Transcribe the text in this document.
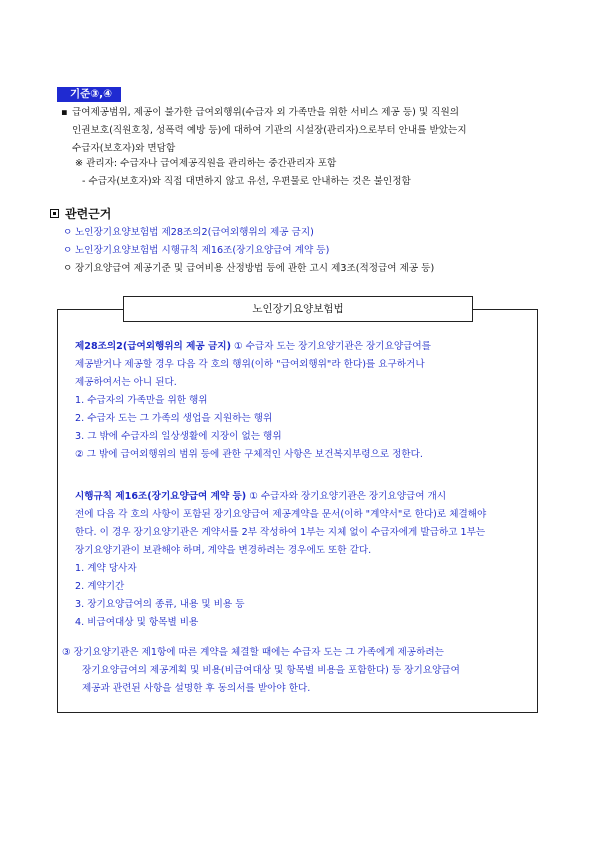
기준③,④
▪ 급여제공범위, 제공이 불가한 급여외행위(수급자 외 가족만을 위한 서비스 제공 등) 및 직원의
인권보호(직원호칭, 성폭력 예방 등)에 대하여 기관의 시설장(관리자)으로부터 안내를 받았는지
수급자(보호자)와 면담함
※ 관리자: 수급자나 급여제공직원을 관리하는 중간관리자 포함
- 수급자(보호자)와 직접 대면하지 않고 유선, 우편물로 안내하는 것은 불인정함
관련근거
ㅇ 노인장기요양보험법 제28조의2(급여외행위의 제공 금지)
ㅇ 노인장기요양보험법 시행규칙 제16조(장기요양급여 계약 등)
ㅇ 장기요양급여 제공기준 및 급여비용 산정방법 등에 관한 고시 제3조(적정급여 제공 등)
노인장기요양보험법
제28조의2(급여외행위의 제공 금지) ① 수급자 도는 장기요양기관은 장기요양급여를
제공받거나 제공할 경우 다음 각 호의 행위(이하 "급여외행위"라 한다)를 요구하거나
제공하여서는 아니 된다.
1. 수급자의 가족만을 위한 행위
2. 수급자 도는 그 가족의 생업을 지원하는 행위
3. 그 밖에 수급자의 일상생활에 지장이 없는 행위
② 그 밖에 급여외행위의 범위 등에 관한 구체적인 사항은 보건복지부령으로 정한다.
시행규칙 제16조(장기요양급여 계약 등) ① 수급자와 장기요양기관은 장기요양급여 개시
전에 다음 각 호의 사항이 포함된 장기요양급여 제공계약을 문서(이하 "계약서"로 한다)로 체결해야
한다. 이 경우 장기요양기관은 계약서를 2부 작성하여 1부는 지체 없이 수급자에게 발급하고 1부는
장기요양기관이 보관해야 하며, 계약을 변경하려는 경우에도 또한 같다.
1. 계약 당사자
2. 계약기간
3. 장기요양급여의 종류, 내용 및 비용 등
4. 비급여대상 및 항목별 비용
③ 장기요양기관은 제1항에 따른 계약을 체결할 때에는 수급자 도는 그 가족에게 제공하려는
장기요양급여의 제공계획 및 비용(비급여대상 및 항목별 비용을 포함한다) 등 장기요양급여
제공과 관련된 사항을 설명한 후 동의서를 받아야 한다.
